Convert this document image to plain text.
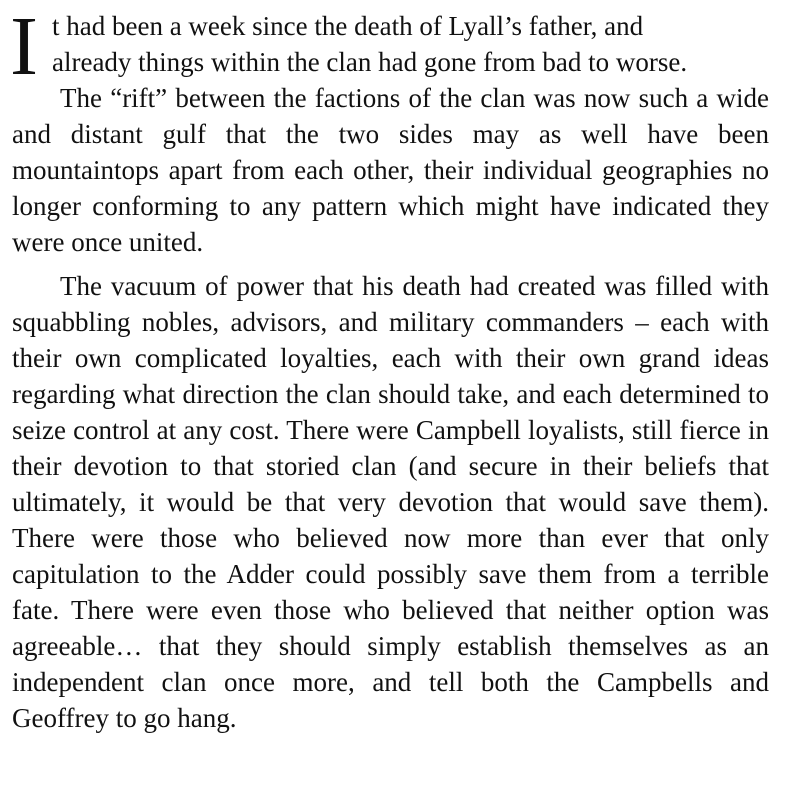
I t had been a week since the death of Lyall’s father, and
already things within the clan had gone from bad to worse.
The “rift” between the factions of the clan was now such a wide and distant gulf that the two sides may as well have been mountaintops apart from each other, their individual geographies no longer conforming to any pattern which might have indicated they were once united.

The vacuum of power that his death had created was filled with squabbling nobles, advisors, and military commanders – each with their own complicated loyalties, each with their own grand ideas regarding what direction the clan should take, and each determined to seize control at any cost. There were Campbell loyalists, still fierce in their devotion to that storied clan (and secure in their beliefs that ultimately, it would be that very devotion that would save them). There were those who believed now more than ever that only capitulation to the Adder could possibly save them from a terrible fate. There were even those who believed that neither option was agreeable… that they should simply establish themselves as an independent clan once more, and tell both the Campbells and Geoffrey to go hang.
